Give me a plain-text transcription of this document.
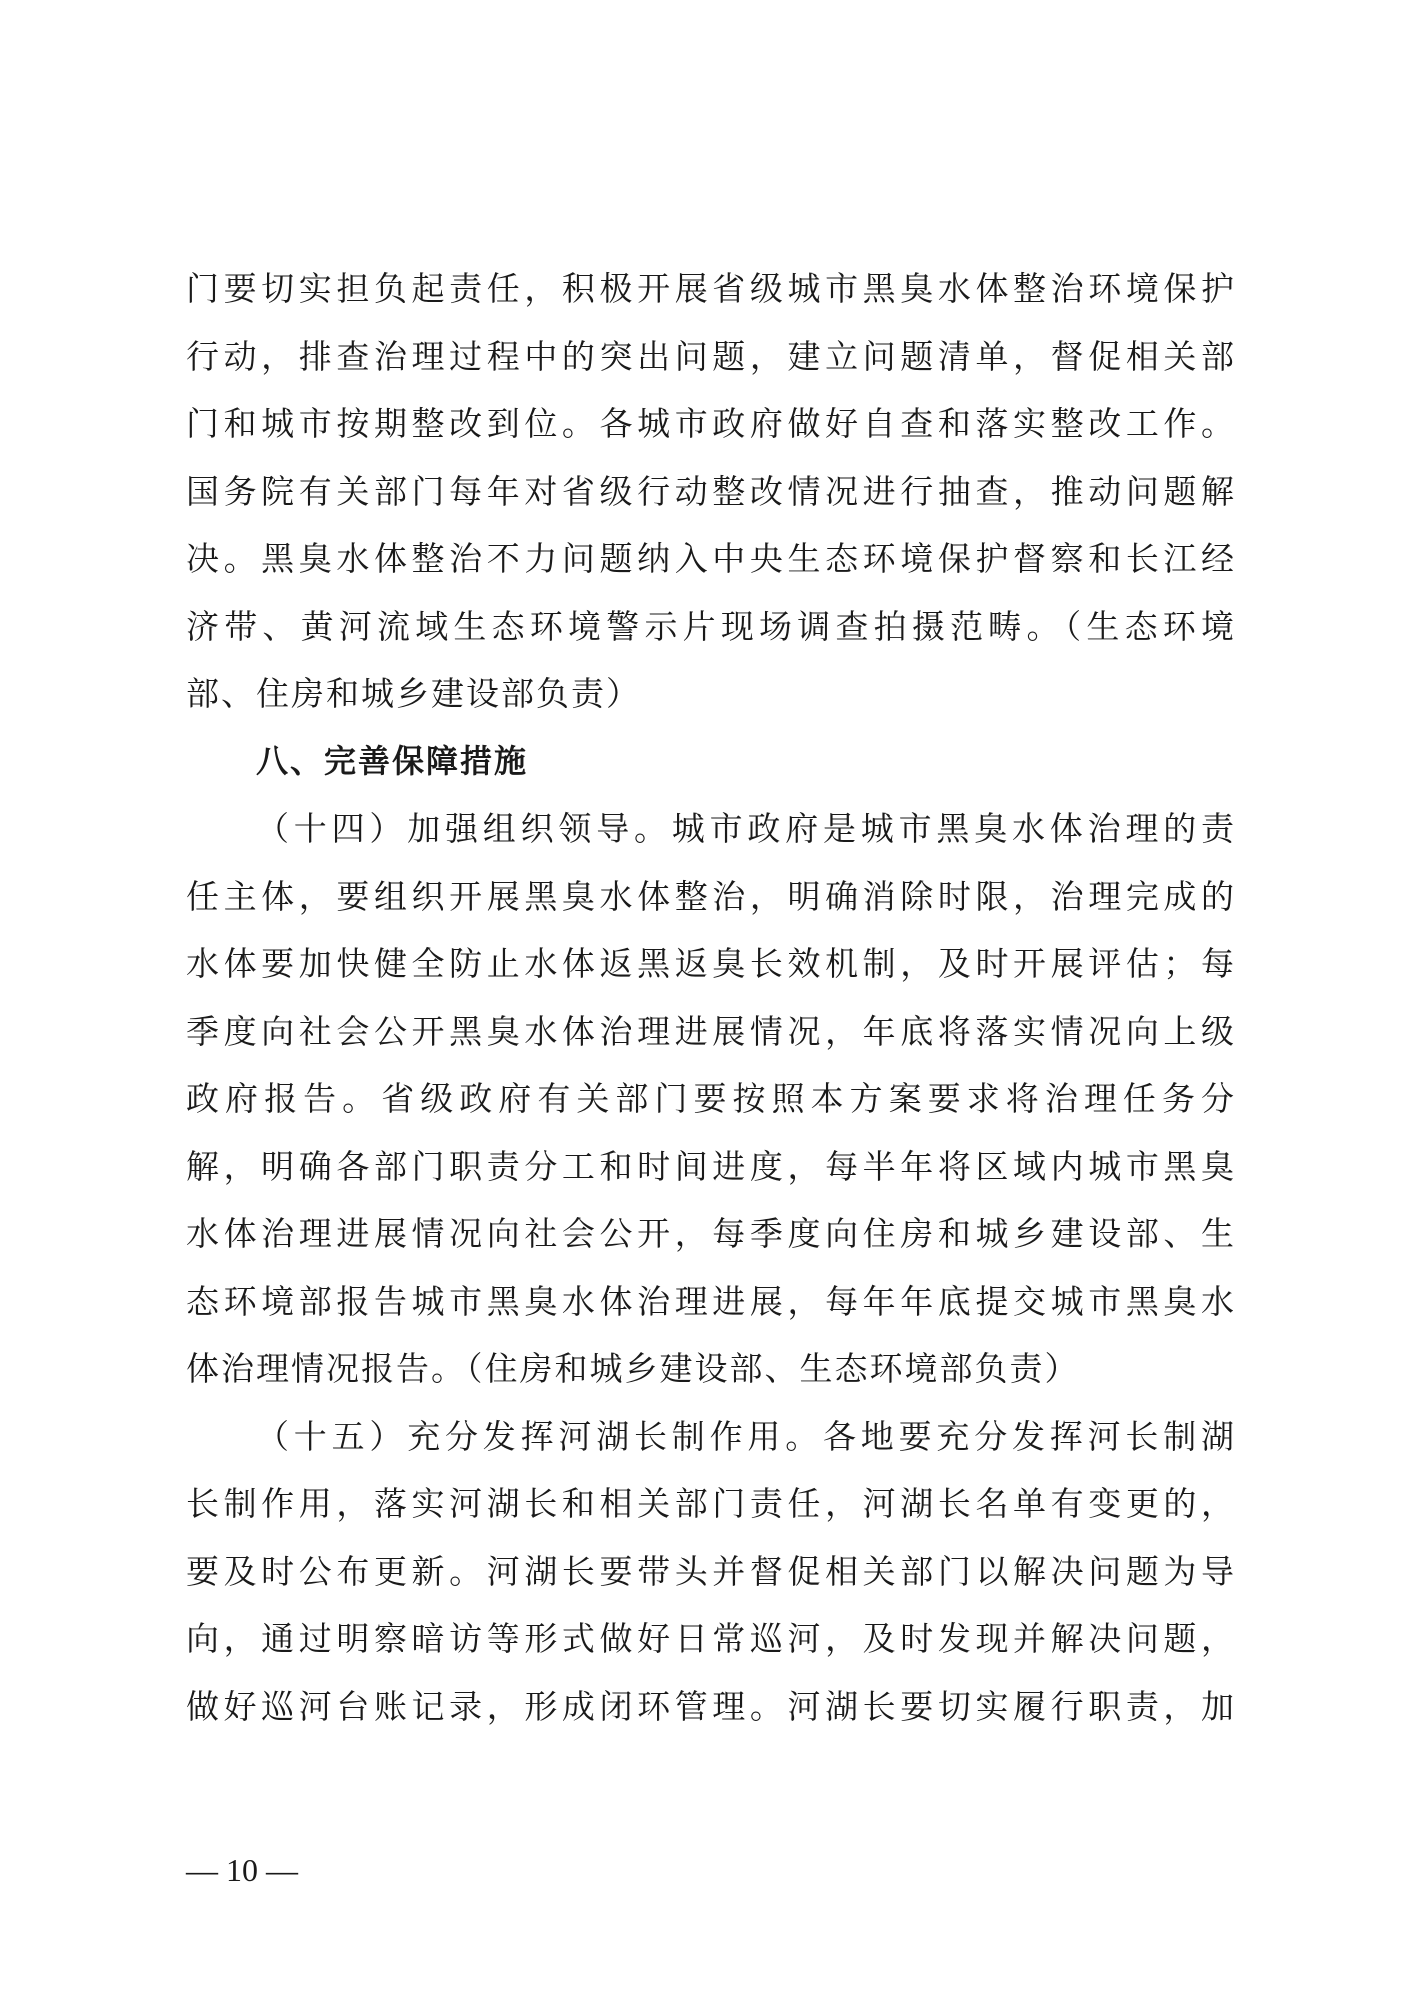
门要切实担负起责任，积极开展省级城市黑臭水体整治环境保护
行动，排查治理过程中的突出问题，建立问题清单，督促相关部
门和城市按期整改到位。各城市政府做好自查和落实整改工作。
国务院有关部门每年对省级行动整改情况进行抽查，推动问题解
决。黑臭水体整治不力问题纳入中央生态环境保护督察和长江经
济带、黄河流域生态环境警示片现场调查拍摄范畴。（生态环境
部、住房和城乡建设部负责）
八、完善保障措施
（十四）加强组织领导。城市政府是城市黑臭水体治理的责
任主体，要组织开展黑臭水体整治，明确消除时限，治理完成的
水体要加快健全防止水体返黑返臭长效机制，及时开展评估；每
季度向社会公开黑臭水体治理进展情况，年底将落实情况向上级
政府报告。省级政府有关部门要按照本方案要求将治理任务分
解，明确各部门职责分工和时间进度，每半年将区域内城市黑臭
水体治理进展情况向社会公开，每季度向住房和城乡建设部、生
态环境部报告城市黑臭水体治理进展，每年年底提交城市黑臭水
体治理情况报告。（住房和城乡建设部、生态环境部负责）
（十五）充分发挥河湖长制作用。各地要充分发挥河长制湖
长制作用，落实河湖长和相关部门责任，河湖长名单有变更的，
要及时公布更新。河湖长要带头并督促相关部门以解决问题为导
向，通过明察暗访等形式做好日常巡河，及时发现并解决问题，
做好巡河台账记录，形成闭环管理。河湖长要切实履行职责，加
— 10 —
